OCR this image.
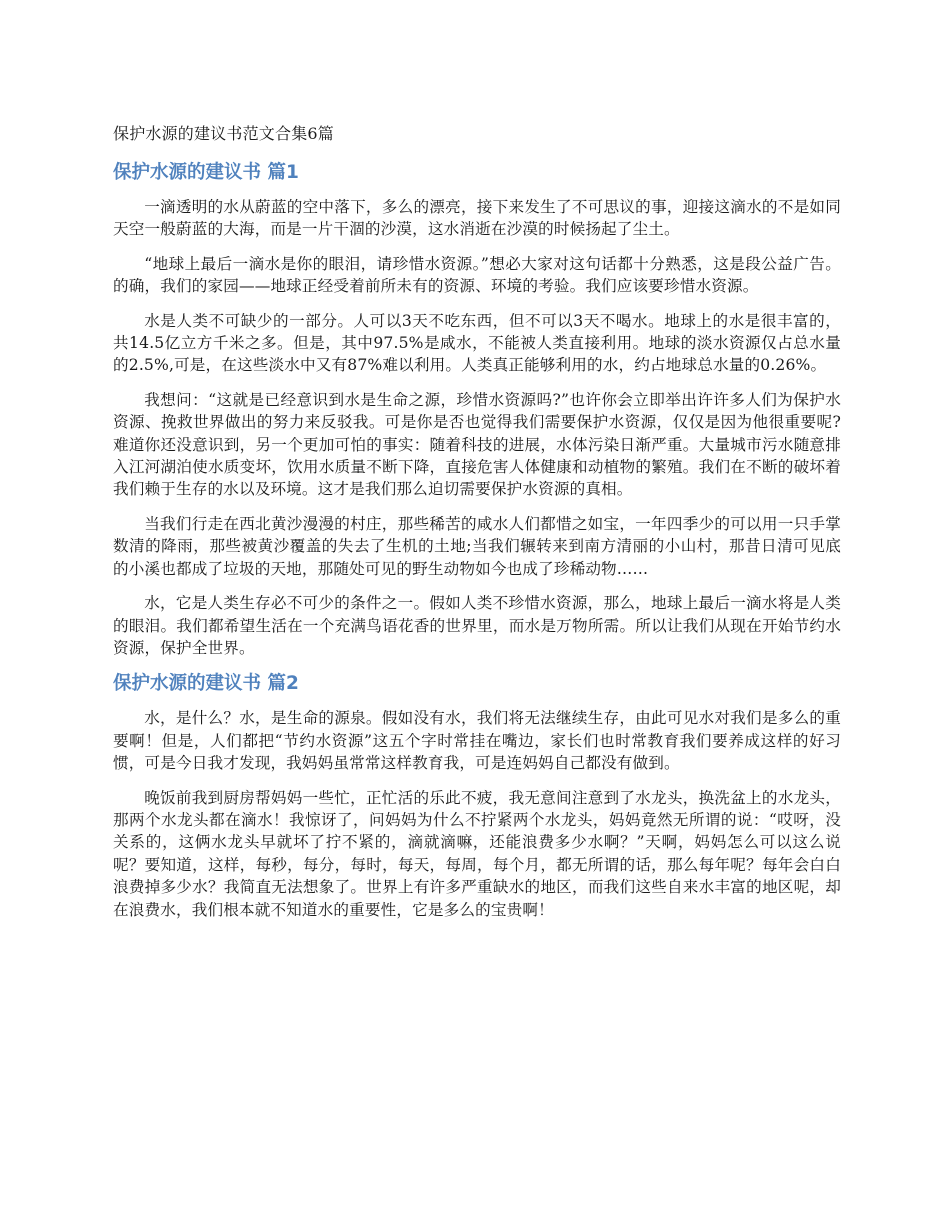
保护水源的建议书范文合集6篇
保护水源的建议书 篇1

一滴透明的水从蔚蓝的空中落下，多么的漂亮，接下来发生了不可思议的事，迎接这滴水的不是如同天空一般蔚蓝的大海，而是一片干涸的沙漠，这水消逝在沙漠的时候扬起了尘土。

“地球上最后一滴水是你的眼泪，请珍惜水资源。”想必大家对这句话都十分熟悉，这是段公益广告。的确，我们的家园——地球正经受着前所未有的资源、环境的考验。我们应该要珍惜水资源。

水是人类不可缺少的一部分。人可以3天不吃东西，但不可以3天不喝水。地球上的水是很丰富的，共14.5亿立方千米之多。但是，其中97.5%是咸水，不能被人类直接利用。地球的淡水资源仅占总水量的2.5%,可是，在这些淡水中又有87%难以利用。人类真正能够利用的水，约占地球总水量的0.26%。

我想问：“这就是已经意识到水是生命之源，珍惜水资源吗?”也许你会立即举出许许多人们为保护水资源、挽救世界做出的努力来反驳我。可是你是否也觉得我们需要保护水资源，仅仅是因为他很重要呢?难道你还没意识到，另一个更加可怕的事实：随着科技的进展，水体污染日渐严重。大量城市污水随意排入江河湖泊使水质变坏，饮用水质量不断下降，直接危害人体健康和动植物的繁殖。我们在不断的破坏着我们赖于生存的水以及环境。这才是我们那么迫切需要保护水资源的真相。

当我们行走在西北黄沙漫漫的村庄，那些稀苦的咸水人们都惜之如宝，一年四季少的可以用一只手掌数清的降雨，那些被黄沙覆盖的失去了生机的土地;当我们辗转来到南方清丽的小山村，那昔日清可见底的小溪也都成了垃圾的天地，那随处可见的野生动物如今也成了珍稀动物……

水，它是人类生存必不可少的条件之一。假如人类不珍惜水资源，那么，地球上最后一滴水将是人类的眼泪。我们都希望生活在一个充满鸟语花香的世界里，而水是万物所需。所以让我们从现在开始节约水资源，保护全世界。

保护水源的建议书 篇2

水，是什么？水，是生命的源泉。假如没有水，我们将无法继续生存，由此可见水对我们是多么的重要啊！但是，人们都把“节约水资源”这五个字时常挂在嘴边，家长们也时常教育我们要养成这样的好习惯，可是今日我才发现，我妈妈虽常常这样教育我，可是连妈妈自己都没有做到。

晚饭前我到厨房帮妈妈一些忙，正忙活的乐此不疲，我无意间注意到了水龙头，换洗盆上的水龙头，那两个水龙头都在滴水！我惊讶了，问妈妈为什么不拧紧两个水龙头，妈妈竟然无所谓的说：“哎呀，没关系的，这俩水龙头早就坏了拧不紧的，滴就滴嘛，还能浪费多少水啊？”天啊，妈妈怎么可以这么说呢？要知道，这样，每秒，每分，每时，每天，每周，每个月，都无所谓的话，那么每年呢？每年会白白浪费掉多少水？我简直无法想象了。世界上有许多严重缺水的地区，而我们这些自来水丰富的地区呢，却在浪费水，我们根本就不知道水的重要性，它是多么的宝贵啊！
